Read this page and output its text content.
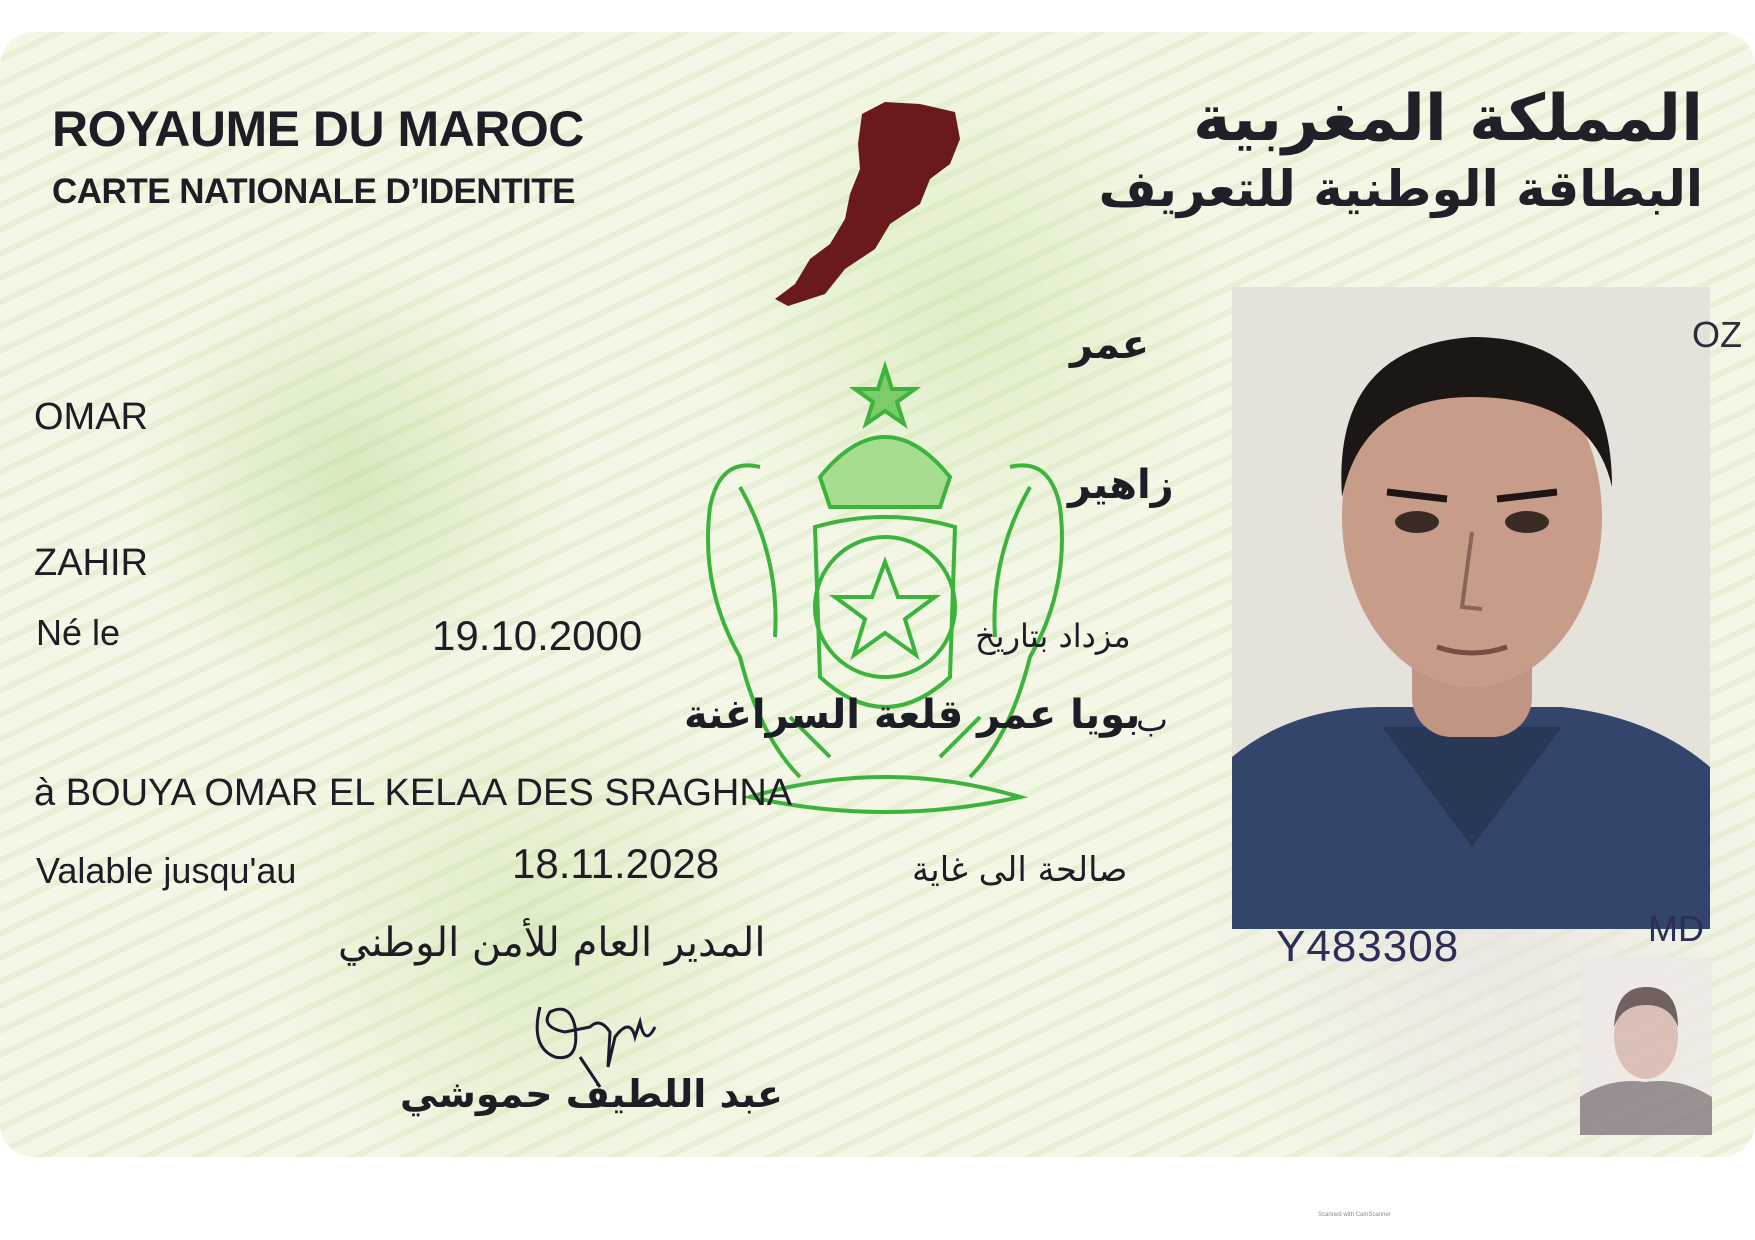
ROYAUME DU MAROC
CARTE NATIONALE D’IDENTITE
المملكة المغربية
البطاقة الوطنية للتعريف
OMAR
عمر
زاهير
ZAHIR
Né le	19.10.2000	مزداد بتاريخ
ب
بويا عمر قلعة السراغنة
à BOUYA OMAR EL KELAA DES SRAGHNA
Valable jusqu'au	18.11.2028	صالحة الى غاية
المدير العام للأمن الوطني
عبد اللطيف حموشي
Y483308	MD
OZ
Scanned with CamScanner
